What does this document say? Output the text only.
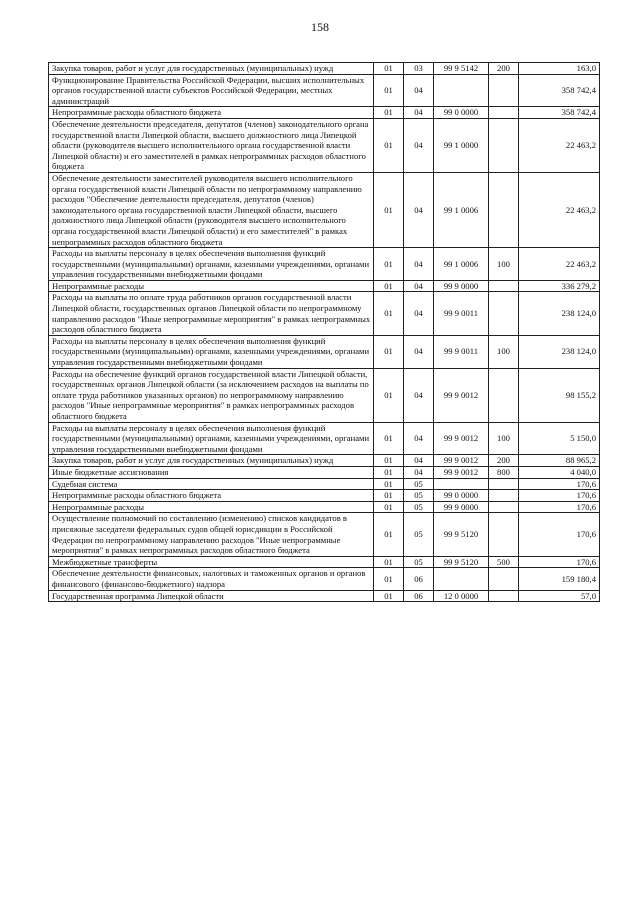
158
Закупка товаров, работ и услуг для государственных (муниципальных) нужд	01	03	99 9 5142	200	163,0
Функционирование Правительства Российской Федерации, высших исполнительных органов государственной власти субъектов Российской Федерации, местных администраций	01	04			358 742,4
Непрограммные расходы областного бюджета	01	04	99 0 0000		358 742,4
Обеспечение деятельности председателя, депутатов (членов) законодательного органа государственной власти Липецкой области, высшего должностного лица Липецкой области (руководителя высшего исполнительного органа государственной власти Липецкой области) и его заместителей в рамках непрограммных расходов областного бюджета	01	04	99 1 0000		22 463,2
Обеспечение деятельности заместителей руководителя высшего исполнительного органа государственной власти Липецкой области по непрограммному направлению расходов "Обеспечение деятельности председателя, депутатов (членов) законодательного органа государственной власти Липецкой области, высшего должностного лица Липецкой области (руководителя высшего исполнительного органа государственной власти Липецкой области) и его заместителей" в рамках непрограммных расходов областного бюджета	01	04	99 1 0006		22 463,2
Расходы на выплаты персоналу в целях обеспечения выполнения функций государственными (муниципальными) органами, казенными учреждениями, органами управления государственными внебюджетными фондами	01	04	99 1 0006	100	22 463,2
Непрограммные расходы	01	04	99 9 0000		336 279,2
Расходы на выплаты по оплате труда работников органов государственной власти Липецкой области, государственных органов Липецкой области по непрограммному направлению расходов "Иные непрограммные мероприятия" в рамках непрограммных расходов областного бюджета	01	04	99 9 0011		238 124,0
Расходы на выплаты персоналу в целях обеспечения выполнения функций государственными (муниципальными) органами, казенными учреждениями, органами управления государственными внебюджетными фондами	01	04	99 9 0011	100	238 124,0
Расходы на обеспечение функций органов государственной власти Липецкой области, государственных органов Липецкой области (за исключением расходов на выплаты по оплате труда работников указанных органов) по непрограммному направлению расходов "Иные непрограммные мероприятия" в рамках непрограммных расходов областного бюджета	01	04	99 9 0012		98 155,2
Расходы на выплаты персоналу в целях обеспечения выполнения функций государственными (муниципальными) органами, казенными учреждениями, органами управления государственными внебюджетными фондами	01	04	99 9 0012	100	5 150,0
Закупка товаров, работ и услуг для государственных (муниципальных) нужд	01	04	99 9 0012	200	88 965,2
Иные бюджетные ассигнования	01	04	99 9 0012	800	4 040,0
Судебная система	01	05			170,6
Непрограммные расходы областного бюджета	01	05	99 0 0000		170,6
Непрограммные расходы	01	05	99 9 0000		170,6
Осуществление полномочий по составлению (изменению) списков кандидатов в присяжные заседатели федеральных судов общей юрисдикции в Российской Федерации по непрограммному направлению расходов "Иные непрограммные мероприятия" в рамках непрограммных расходов областного бюджета	01	05	99 9 5120		170,6
Межбюджетные трансферты	01	05	99 9 5120	500	170,6
Обеспечение деятельности финансовых, налоговых и таможенных органов и органов финансового (финансово-бюджетного) надзора	01	06			159 180,4
Государственная программа Липецкой области	01	06	12 0 0000		57,0
